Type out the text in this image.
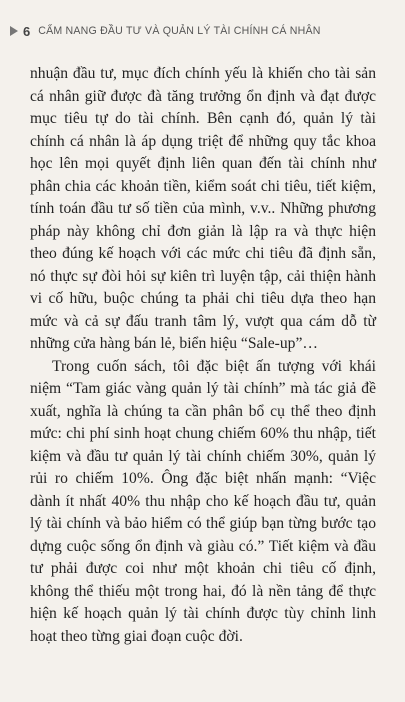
6 CẨM NANG ĐẦU TƯ VÀ QUẢN LÝ TÀI CHÍNH CÁ NHÂN

nhuận đầu tư, mục đích chính yếu là khiến cho tài sản cá nhân giữ được đà tăng trưởng ổn định và đạt được mục tiêu tự do tài chính. Bên cạnh đó, quản lý tài chính cá nhân là áp dụng triệt để những quy tắc khoa học lên mọi quyết định liên quan đến tài chính như phân chia các khoản tiền, kiểm soát chi tiêu, tiết kiệm, tính toán đầu tư số tiền của mình, v.v.. Những phương pháp này không chỉ đơn giản là lập ra và thực hiện theo đúng kế hoạch với các mức chi tiêu đã định sẵn, nó thực sự đòi hỏi sự kiên trì luyện tập, cải thiện hành vi cố hữu, buộc chúng ta phải chi tiêu dựa theo hạn mức và cả sự đấu tranh tâm lý, vượt qua cám dỗ từ những cửa hàng bán lẻ, biển hiệu “Sale-up”…

Trong cuốn sách, tôi đặc biệt ấn tượng với khái niệm “Tam giác vàng quản lý tài chính” mà tác giả đề xuất, nghĩa là chúng ta cần phân bổ cụ thể theo định mức: chi phí sinh hoạt chung chiếm 60% thu nhập, tiết kiệm và đầu tư quản lý tài chính chiếm 30%, quản lý rủi ro chiếm 10%. Ông đặc biệt nhấn mạnh: “Việc dành ít nhất 40% thu nhập cho kế hoạch đầu tư, quản lý tài chính và bảo hiểm có thể giúp bạn từng bước tạo dựng cuộc sống ổn định và giàu có.” Tiết kiệm và đầu tư phải được coi như một khoản chi tiêu cố định, không thể thiếu một trong hai, đó là nền tảng để thực hiện kế hoạch quản lý tài chính được tùy chỉnh linh hoạt theo từng giai đoạn cuộc đời.
